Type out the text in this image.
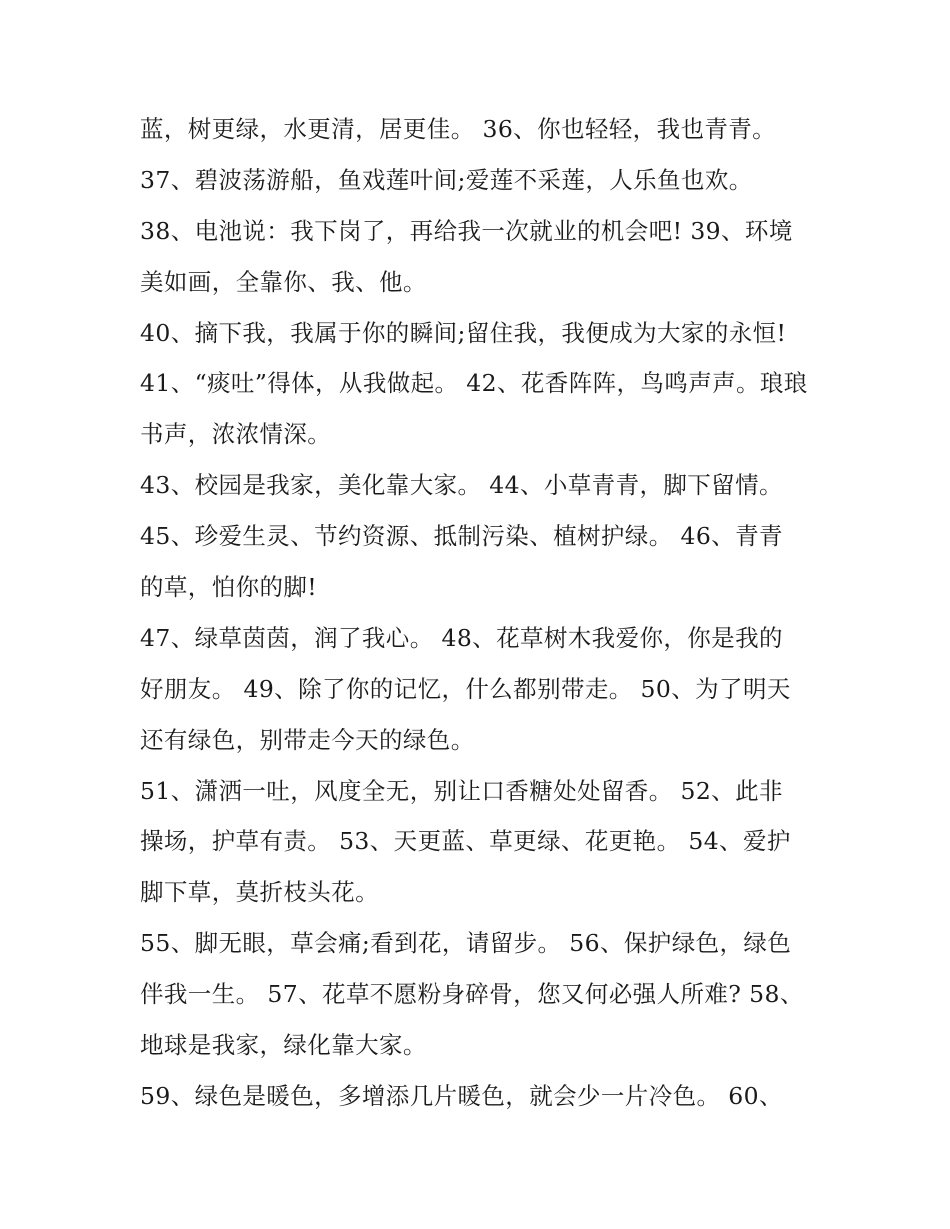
蓝，树更绿，水更清，居更佳。 36、你也轻轻，我也青青。
37、碧波荡游船，鱼戏莲叶间;爱莲不采莲，人乐鱼也欢。
38、电池说：我下岗了，再给我一次就业的机会吧! 39、环境
美如画，全靠你、我、他。
40、摘下我，我属于你的瞬间;留住我，我便成为大家的永恒!
41、“痰吐”得体，从我做起。 42、花香阵阵，鸟鸣声声。琅琅
书声，浓浓情深。
43、校园是我家，美化靠大家。 44、小草青青，脚下留情。
45、珍爱生灵、节约资源、抵制污染、植树护绿。 46、青青
的草，怕你的脚!
47、绿草茵茵，润了我心。 48、花草树木我爱你，你是我的
好朋友。 49、除了你的记忆，什么都别带走。 50、为了明天
还有绿色，别带走今天的绿色。
51、潇洒一吐，风度全无，别让口香糖处处留香。 52、此非
操场，护草有责。 53、天更蓝、草更绿、花更艳。 54、爱护
脚下草，莫折枝头花。
55、脚无眼，草会痛;看到花，请留步。 56、保护绿色，绿色
伴我一生。 57、花草不愿粉身碎骨，您又何必强人所难? 58、
地球是我家，绿化靠大家。
59、绿色是暖色，多增添几片暖色，就会少一片冷色。 60、
